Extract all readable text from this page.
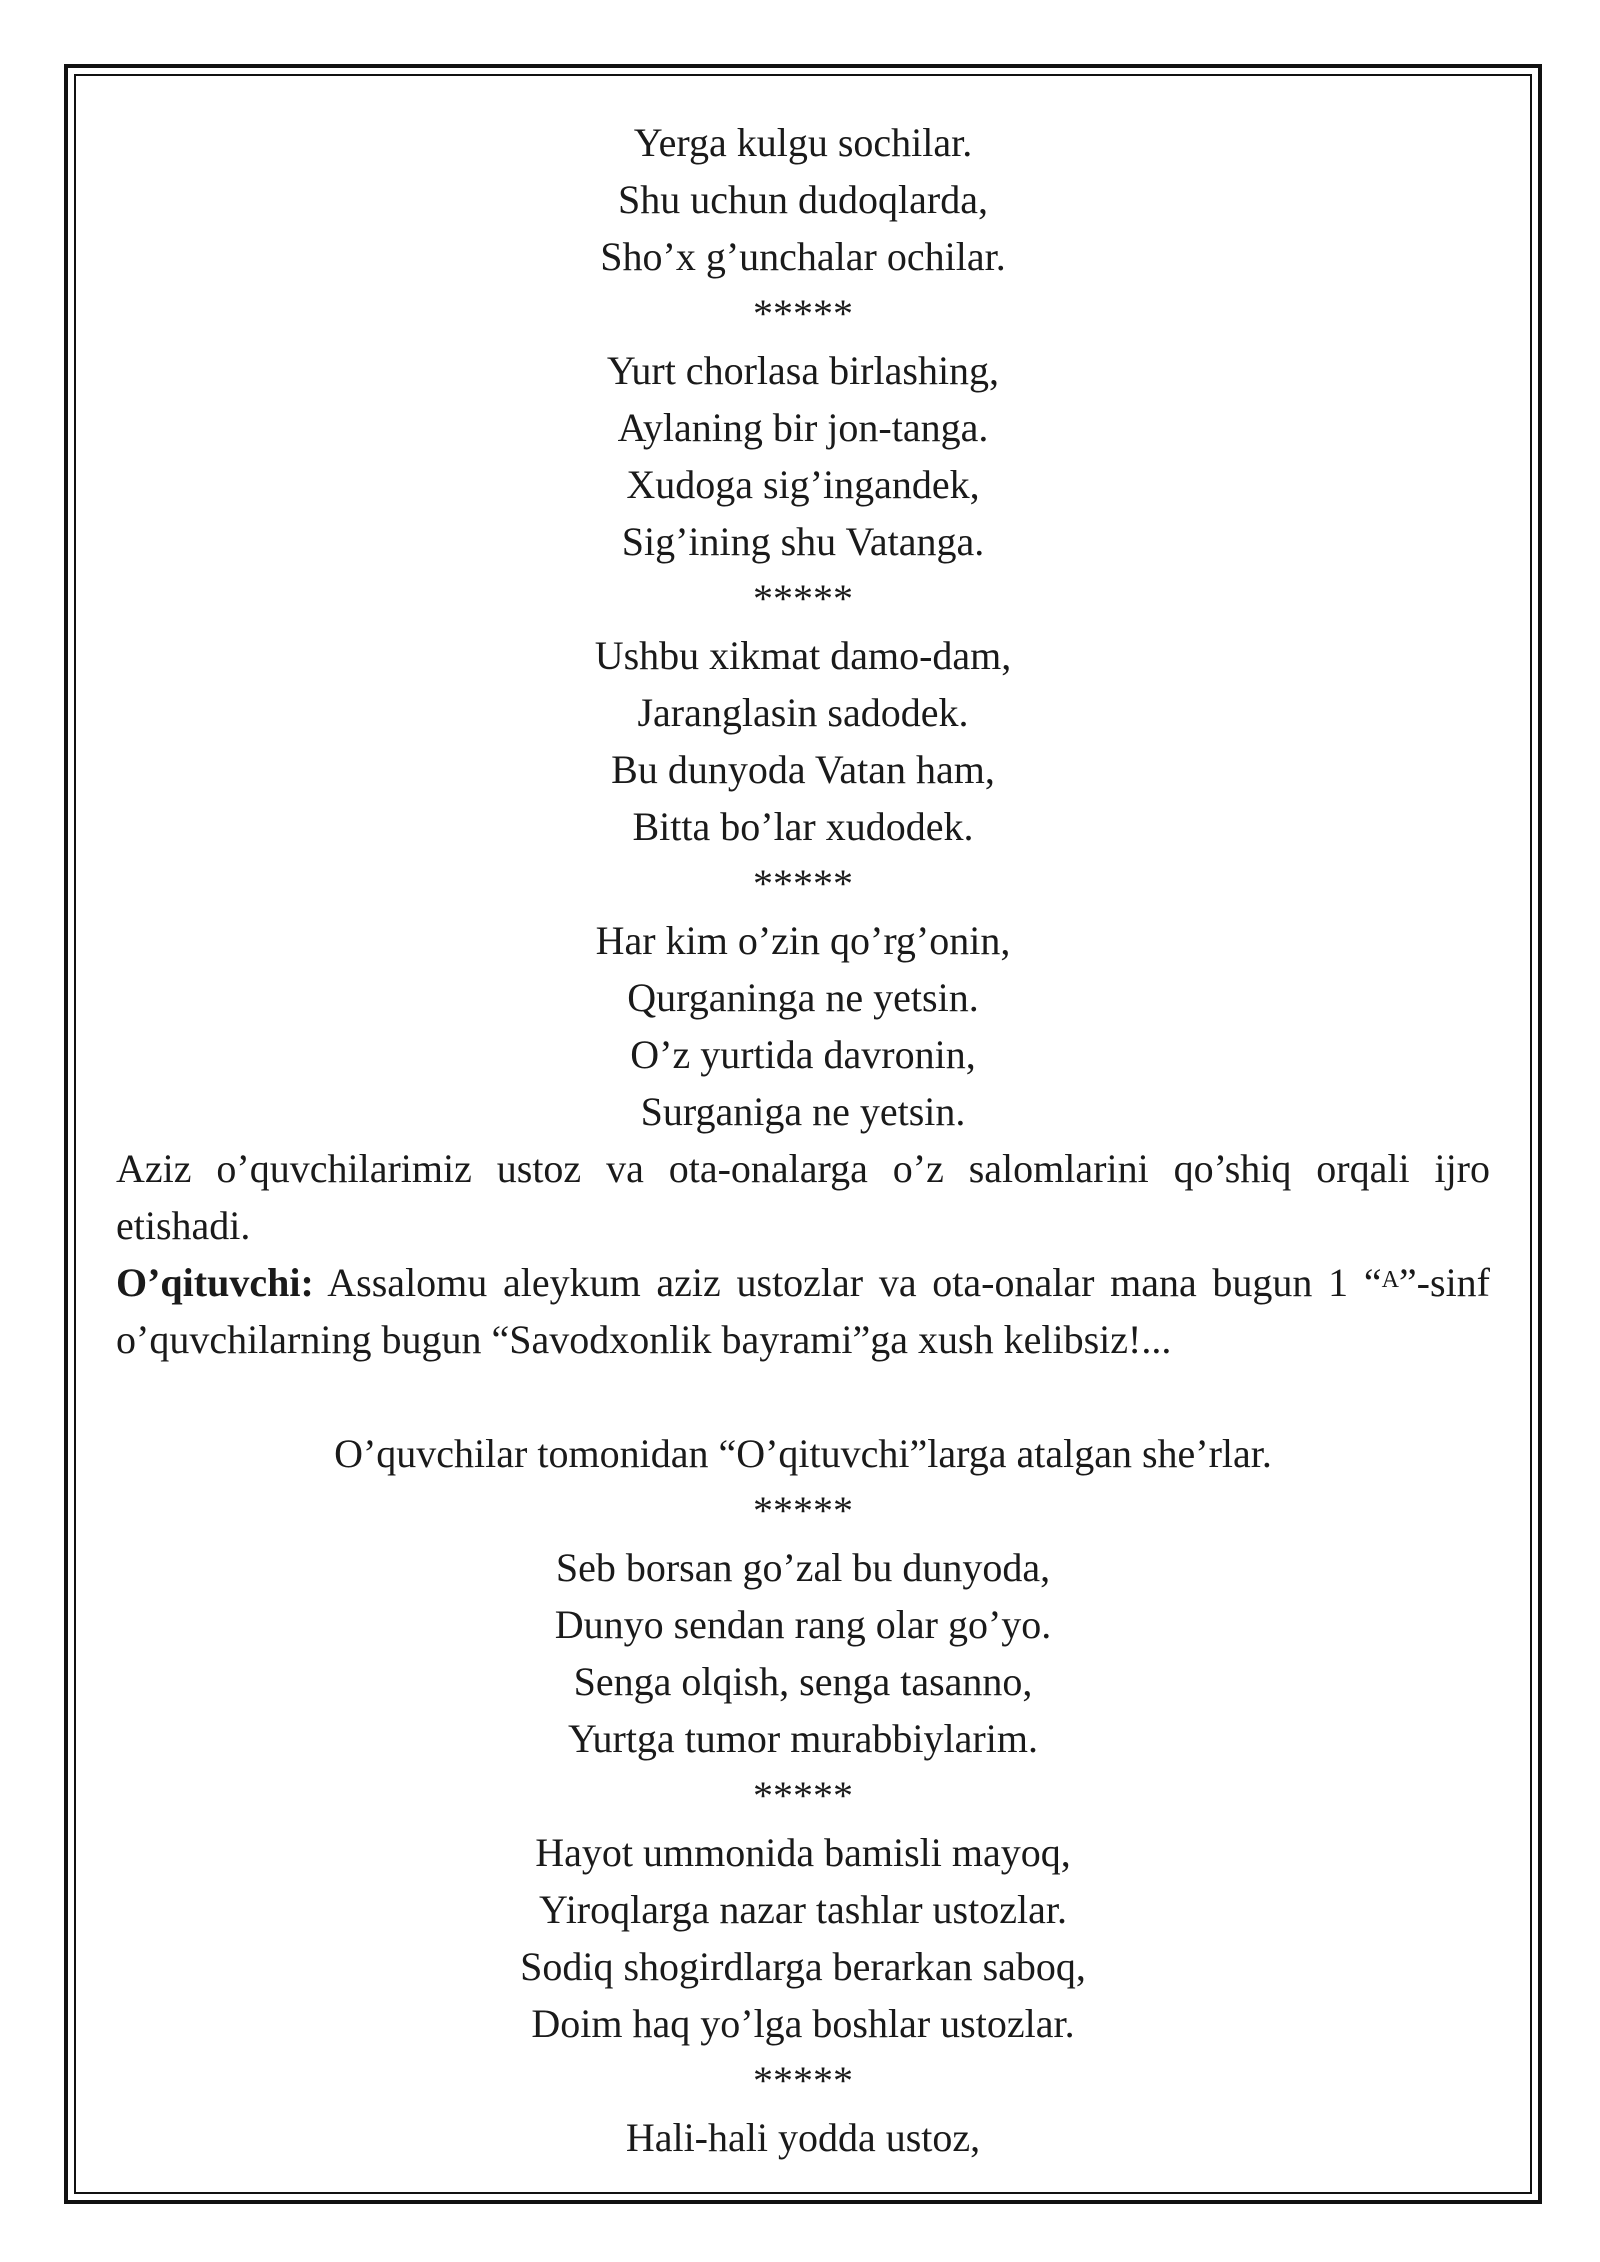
Yerga kulgu sochilar.
Shu uchun dudoqlarda,
Sho’x g’unchalar ochilar.
*****
Yurt chorlasa birlashing,
Aylaning bir jon-tanga.
Xudoga sig’ingandek,
Sig’ining shu Vatanga.
*****
Ushbu xikmat damo-dam,
Jaranglasin sadodek.
Bu dunyoda Vatan ham,
Bitta bo’lar xudodek.
*****
Har kim o’zin qo’rg’onin,
Qurganinga ne yetsin.
O’z yurtida davronin,
Surganiga ne yetsin.
Aziz o’quvchilarimiz ustoz va ota-onalarga o’z salomlarini qo’shiq orqali ijro etishadi.
O’qituvchi: Assalomu aleykum aziz ustozlar va ota-onalar mana bugun 1 “$^A$”-sinf o’quvchilarning bugun “Savodxonlik bayrami”ga xush kelibsiz!...
O’quvchilar tomonidan “O’qituvchi”larga atalgan she’rlar.
*****
Seb borsan go’zal bu dunyoda,
Dunyo sendan rang olar go’yo.
Senga olqish, senga tasanno,
Yurtga tumor murabbiylarim.
*****
Hayot ummonida bamisli mayoq,
Yiroqlarga nazar tashlar ustozlar.
Sodiq shogirdlarga berarkan saboq,
Doim haq yo’lga boshlar ustozlar.
*****
Hali-hali yodda ustoz,
